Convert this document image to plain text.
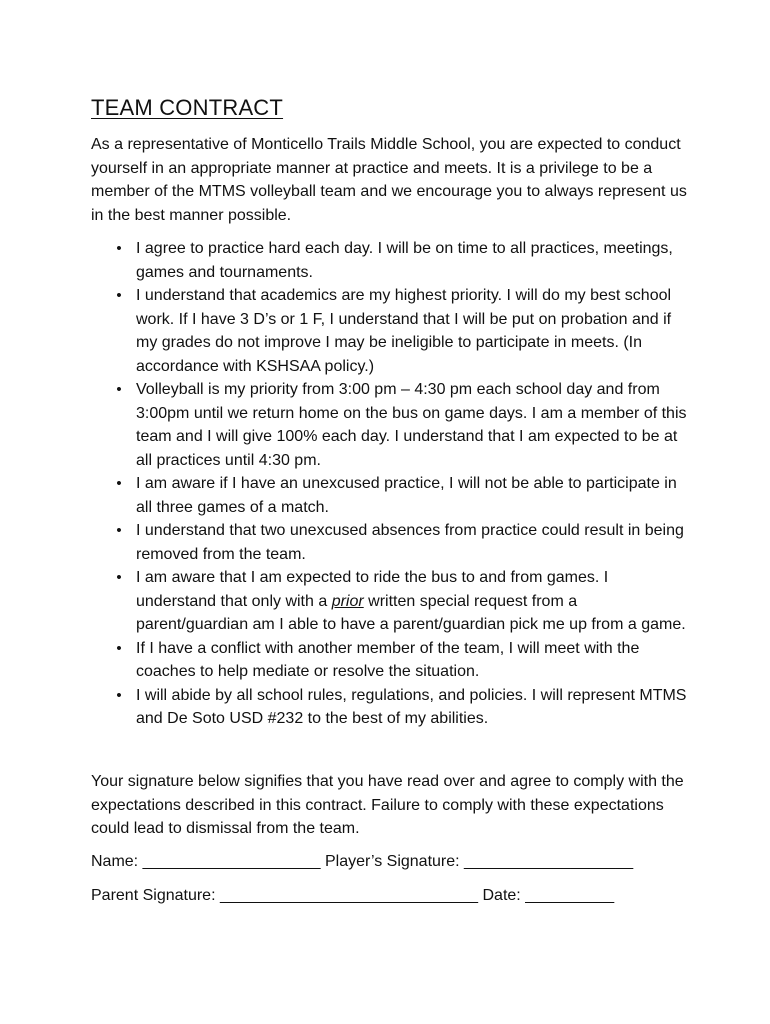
TEAM CONTRACT
As a representative of Monticello Trails Middle School, you are expected to conduct yourself in an appropriate manner at practice and meets. It is a privilege to be a member of the MTMS volleyball team and we encourage you to always represent us in the best manner possible.
• I agree to practice hard each day. I will be on time to all practices, meetings, games and tournaments.
• I understand that academics are my highest priority. I will do my best school work. If I have 3 D’s or 1 F, I understand that I will be put on probation and if my grades do not improve I may be ineligible to participate in meets. (In accordance with KSHSAA policy.)
• Volleyball is my priority from 3:00 pm – 4:30 pm each school day and from 3:00pm until we return home on the bus on game days. I am a member of this team and I will give 100% each day. I understand that I am expected to be at all practices until 4:30 pm.
• I am aware if I have an unexcused practice, I will not be able to participate in all three games of a match.
• I understand that two unexcused absences from practice could result in being removed from the team.
• I am aware that I am expected to ride the bus to and from games. I understand that only with a prior written special request from a parent/guardian am I able to have a parent/guardian pick me up from a game.
• If I have a conflict with another member of the team, I will meet with the coaches to help mediate or resolve the situation.
• I will abide by all school rules, regulations, and policies. I will represent MTMS and De Soto USD #232 to the best of my abilities.
Your signature below signifies that you have read over and agree to comply with the expectations described in this contract. Failure to comply with these expectations could lead to dismissal from the team.
Name: ____________________ Player’s Signature: ___________________
Parent Signature: _____________________________ Date: __________
